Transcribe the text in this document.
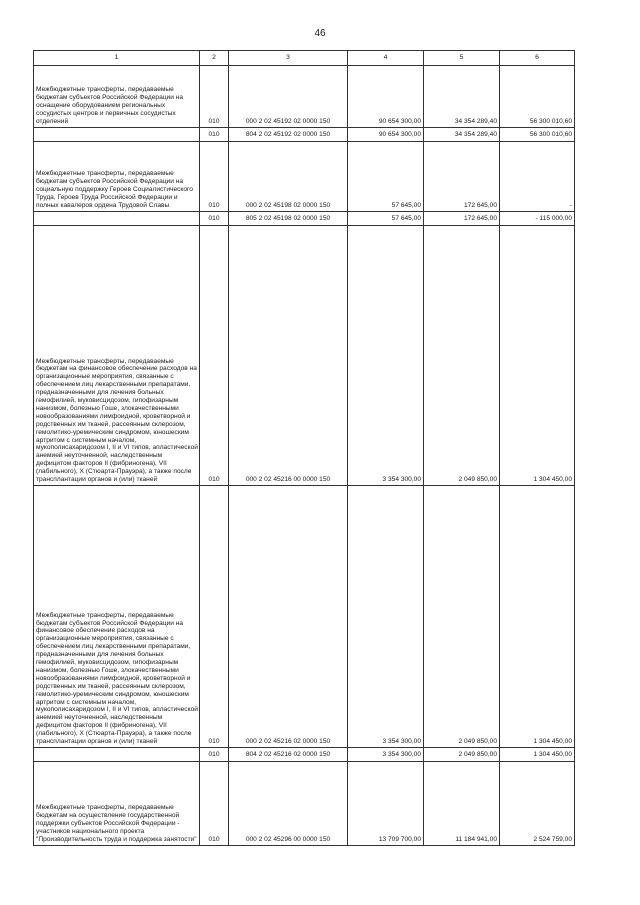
46
1	2	3	4	5	6

Межбюджетные трансферты, передаваемые бюджетам субъектов Российской Федерации на оснащение оборудованием региональных сосудистых центров и первичных сосудистых отделений	010	000 2 02 45192 02 0000 150	90 654 300,00	34 354 289,40	56 300 010,60
	010	804 2 02 45192 02 0000 150	90 654 300,00	34 354 289,40	56 300 010,60

Межбюджетные трансферты, передаваемые бюджетам субъектов Российской Федерации на социальную поддержку Героев Социалистического Труда, Героев Труда Российской Федерации и полных кавалеров ордена Трудовой Славы	010	000 2 02 45198 02 0000 150	57 645,00	172 645,00	-
	010	805 2 02 45198 02 0000 150	57 645,00	172 645,00	- 115 000,00

Межбюджетные трансферты, передаваемые бюджетам на финансовое обеспечение расходов на организационные мероприятия, связанные с обеспечением лиц лекарственными препаратами, предназначенными для лечения больных гемофилией, муковисцидозом, гипофизарным нанизмом, болезнью Гоше, злокачественными новообразованиями лимфоидной, кроветворной и родственных им тканей, рассеянным склерозом, гемолитико-уремическим синдромом, юношеским артритом с системным началом, мукополисахаридозом I, II и VI типов, апластической анемией неуточненной, наследственным дефицитом факторов II (фибриногена), VII (лабильного), X (Стюарта-Прауэра), а также после трансплантации органов и (или) тканей	010	000 2 02 45216 00 0000 150	3 354 300,00	2 049 850,00	1 304 450,00

Межбюджетные трансферты, передаваемые бюджетам субъектов Российской Федерации на финансовое обеспечение расходов на организационные мероприятия, связанные с обеспечением лиц лекарственными препаратами, предназначенными для лечения больных гемофилией, муковисцидозом, гипофизарным нанизмом, болезнью Гоше, злокачественными новообразованиями лимфоидной, кроветворной и родственных им тканей, рассеянным склерозом, гемолитико-уремическим синдромом, юношеским артритом с системным началом, мукополисахаридозом I, II и VI типов, апластической анемией неуточненной, наследственным дефицитом факторов II (фибриногена), VII (лабильного), X (Стюарта-Прауэра), а также после трансплантации органов и (или) тканей	010	000 2 02 45216 02 0000 150	3 354 300,00	2 049 850,00	1 304 450,00
	010	804 2 02 45216 02 0000 150	3 354 300,00	2 049 850,00	1 304 450,00

Межбюджетные трансферты, передаваемые бюджетам на осуществление государственной поддержки субъектов Российской Федерации - участников национального проекта "Производительность труда и поддержка занятости"	010	000 2 02 45296 00 0000 150	13 709 700,00	11 184 941,00	2 524 759,00
